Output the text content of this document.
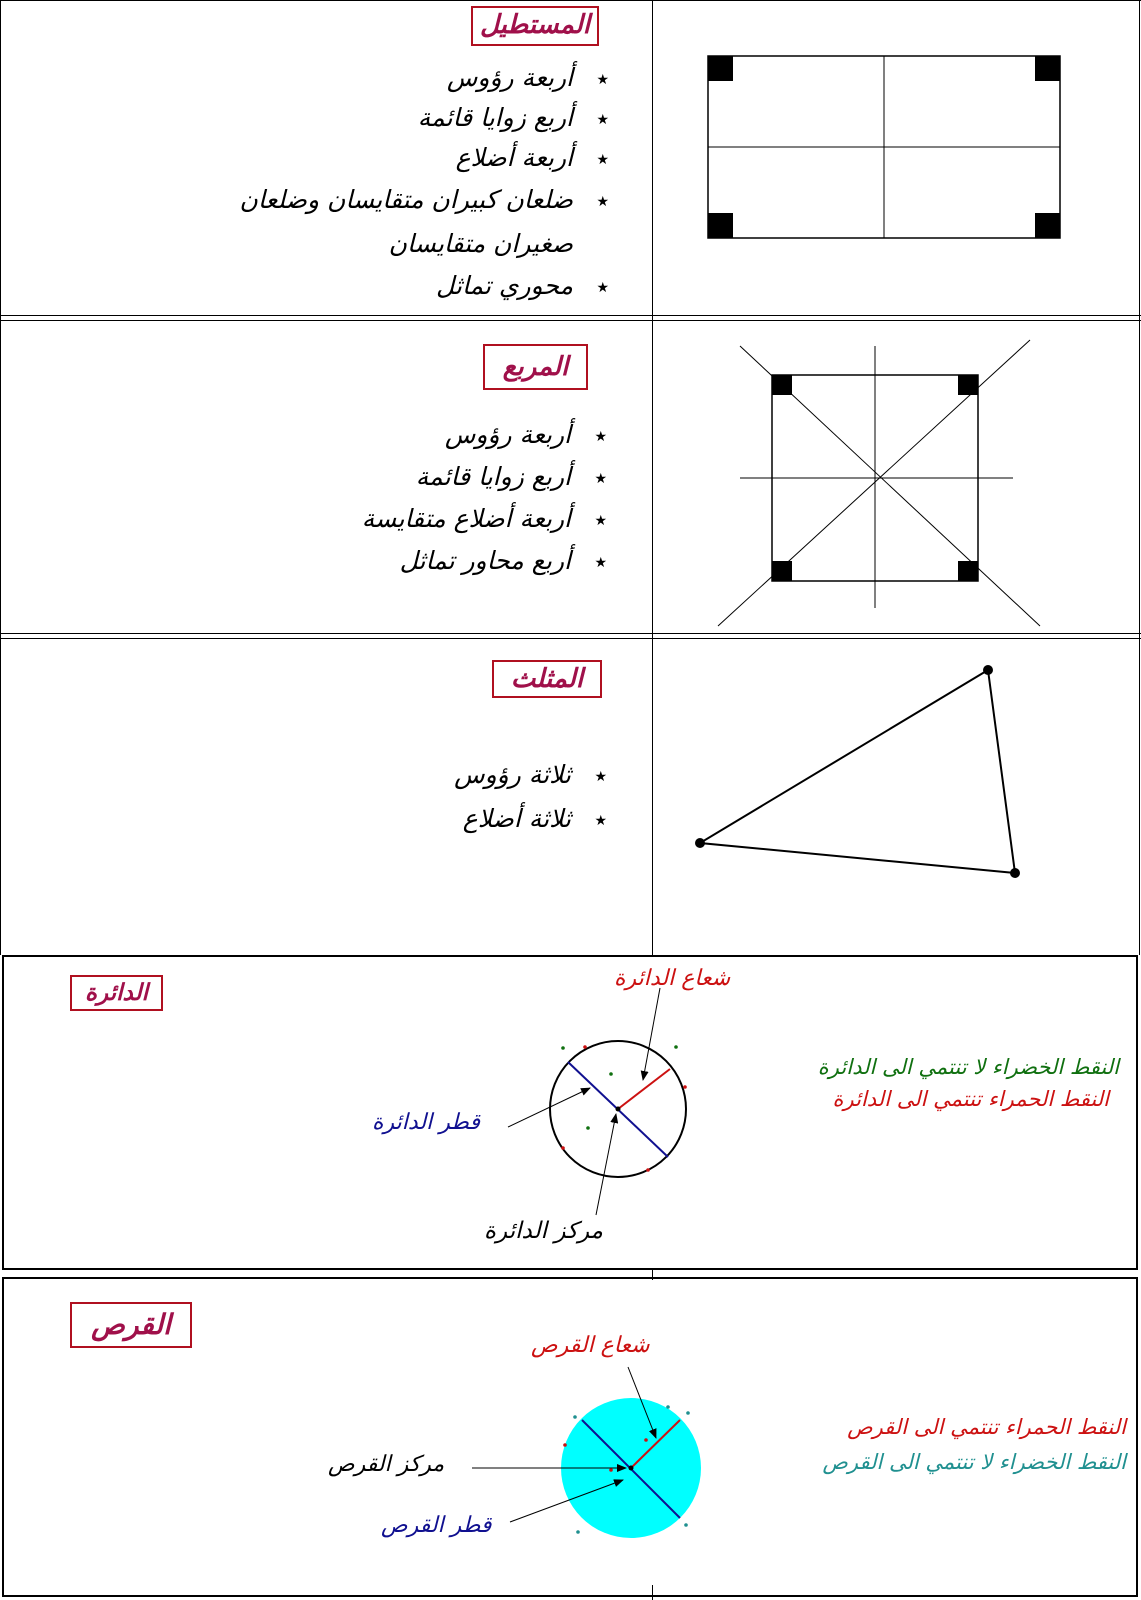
المستطيل
★
أربعة رؤوس
★
أربع زوايا قائمة
★
أربعة أضلاع
★
ضلعان كبيران متقايسان وضلعان صغيران متقايسان
★
محوري تماثل
المربع
★
أربعة رؤوس
★
أربع زوايا قائمة
★
أربعة أضلاع متقايسة
★
أربع محاور تماثل
المثلث
★
ثلاثة رؤوس
★
ثلاثة أضلاع
الدائرة
شعاع الدائرة
قطر الدائرة
مركز الدائرة
النقط الخضراء لا تنتمي الى الدائرة
النقط الحمراء تنتمي الى الدائرة
القرص
شعاع القرص
مركز القرص
قطر القرص
النقط الحمراء تنتمي الى القرص
النقط الخضراء لا تنتمي الى القرص
